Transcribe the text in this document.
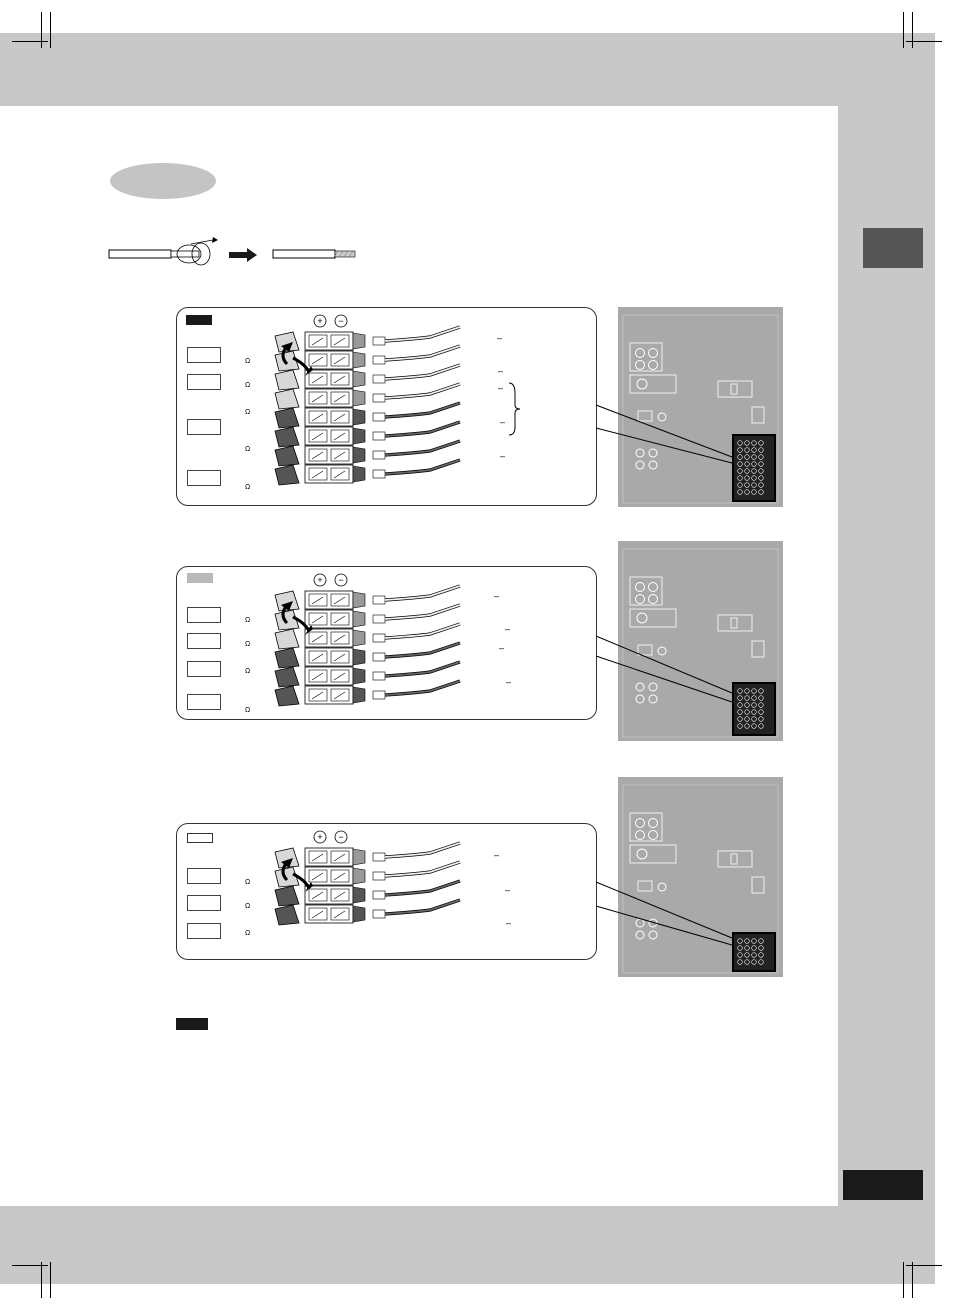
Ω
Ω
Ω
Ω
Ω
–
–
–
–
–
+ −
Ω
Ω
Ω
Ω
–
–
–
–
+ −
Ω
Ω
Ω
–
–
–
+ −
